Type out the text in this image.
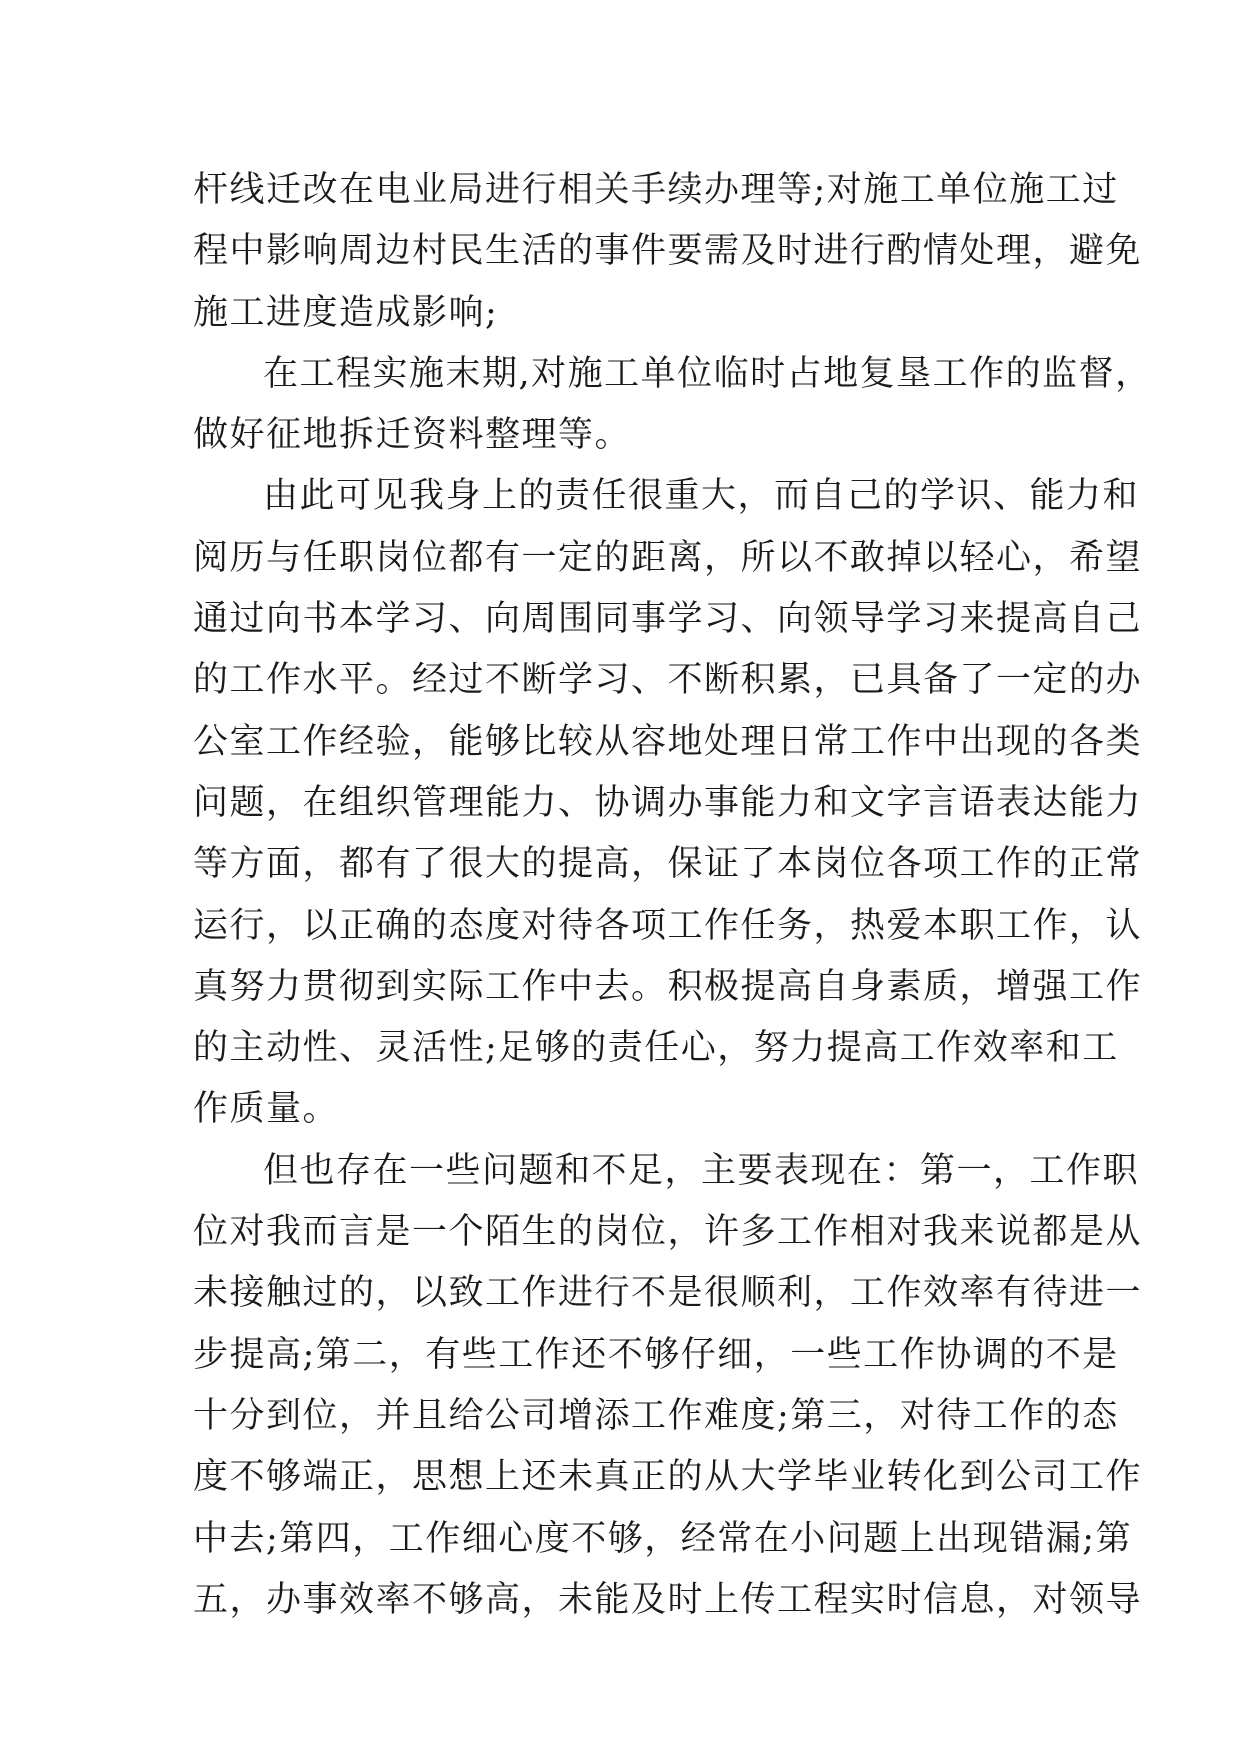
杆线迁改在电业局进行相关手续办理等;对施工单位施工过
程中影响周边村民生活的事件要需及时进行酌情处理，避免
施工进度造成影响;
在工程实施末期,对施工单位临时占地复垦工作的监督，
做好征地拆迁资料整理等。
由此可见我身上的责任很重大，而自己的学识、能力和
阅历与任职岗位都有一定的距离，所以不敢掉以轻心，希望
通过向书本学习、向周围同事学习、向领导学习来提高自己
的工作水平。经过不断学习、不断积累，已具备了一定的办
公室工作经验，能够比较从容地处理日常工作中出现的各类
问题，在组织管理能力、协调办事能力和文字言语表达能力
等方面，都有了很大的提高，保证了本岗位各项工作的正常
运行，以正确的态度对待各项工作任务，热爱本职工作，认
真努力贯彻到实际工作中去。积极提高自身素质，增强工作
的主动性、灵活性;足够的责任心，努力提高工作效率和工
作质量。
但也存在一些问题和不足，主要表现在：第一，工作职
位对我而言是一个陌生的岗位，许多工作相对我来说都是从
未接触过的，以致工作进行不是很顺利，工作效率有待进一
步提高;第二，有些工作还不够仔细，一些工作协调的不是
十分到位，并且给公司增添工作难度;第三，对待工作的态
度不够端正，思想上还未真正的从大学毕业转化到公司工作
中去;第四，工作细心度不够，经常在小问题上出现错漏;第
五，办事效率不够高，未能及时上传工程实时信息，对领导
